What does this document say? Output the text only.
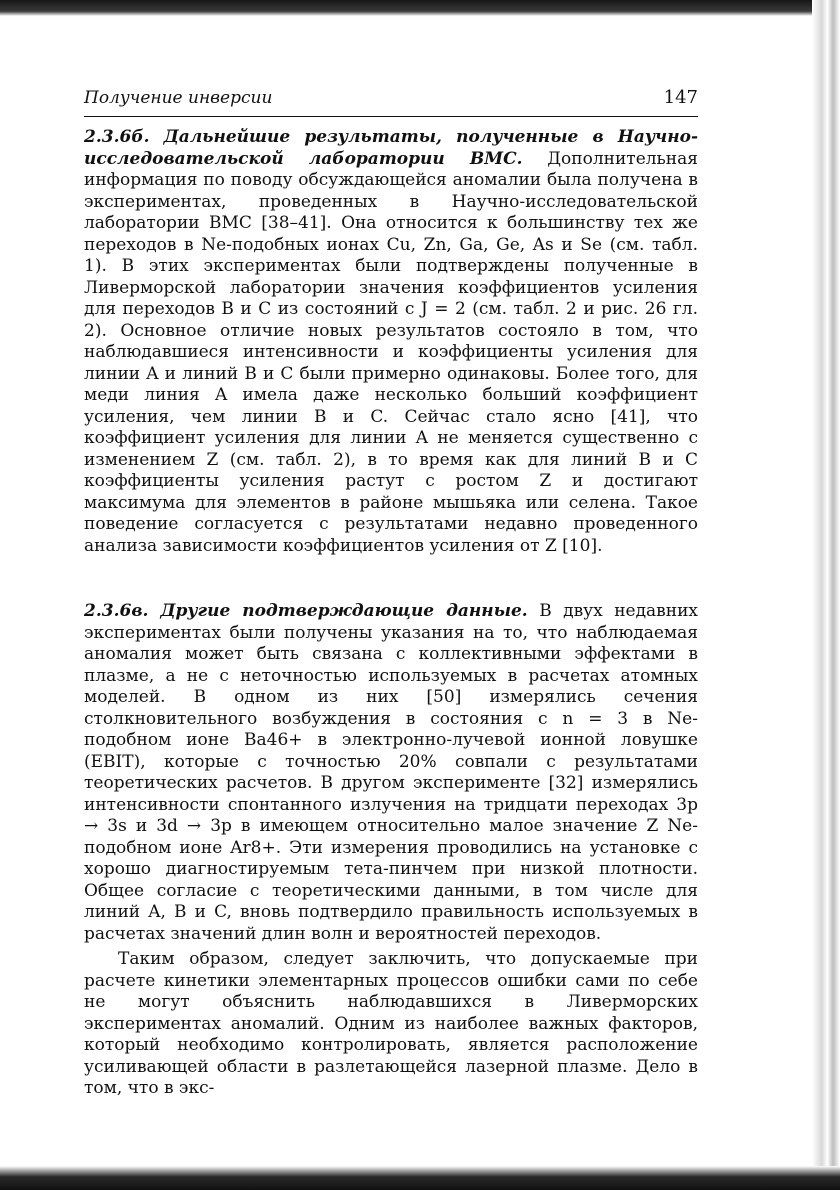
Получение инверсии	147

2.3.6б. Дальнейшие результаты, полученные в Научно-исследовательской лаборатории ВМС. Дополнительная информация по поводу обсуждающейся аномалии была получена в экспериментах, проведенных в Научно-исследовательской лаборатории ВМС [38–41]. Она относится к большинству тех же переходов в Ne-подобных ионах Cu, Zn, Ga, Ge, As и Se (см. табл. 1). В этих экспериментах были подтверждены полученные в Ливерморской лаборатории значения коэффициентов усиления для переходов B и C из состояний с J = 2 (см. табл. 2 и рис. 26 гл. 2). Основное отличие новых результатов состояло в том, что наблюдавшиеся интенсивности и коэффициенты усиления для линии A и линий B и C были примерно одинаковы. Более того, для меди линия A имела даже несколько больший коэффициент усиления, чем линии B и C. Сейчас стало ясно [41], что коэффициент усиления для линии A не меняется существенно с изменением Z (см. табл. 2), в то время как для линий B и C коэффициенты усиления растут с ростом Z и достигают максимума для элементов в районе мышьяка или селена. Такое поведение согласуется с результатами недавно проведенного анализа зависимости коэффициентов усиления от Z [10].

2.3.6в. Другие подтверждающие данные. В двух недавних экспериментах были получены указания на то, что наблюдаемая аномалия может быть связана с коллективными эффектами в плазме, а не с неточностью используемых в расчетах атомных моделей. В одном из них [50] измерялись сечения столкновительного возбуждения в состояния с n = 3 в Ne-подобном ионе Ba46+ в электронно-лучевой ионной ловушке (EBIT), которые с точностью 20% совпали с результатами теоретических расчетов. В другом эксперименте [32] измерялись интенсивности спонтанного излучения на тридцати переходах 3p → 3s и 3d → 3p в имеющем относительно малое значение Z Ne-подобном ионе Ar8+. Эти измерения проводились на установке с хорошо диагностируемым тета-пинчем при низкой плотности. Общее согласие с теоретическими данными, в том числе для линий A, B и C, вновь подтвердило правильность используемых в расчетах значений длин волн и вероятностей переходов.

Таким образом, следует заключить, что допускаемые при расчете кинетики элементарных процессов ошибки сами по себе не могут объяснить наблюдавшихся в Ливерморских экспериментах аномалий. Одним из наиболее важных факторов, который необходимо контролировать, является расположение усиливающей области в разлетающейся лазерной плазме. Дело в том, что в экс-
